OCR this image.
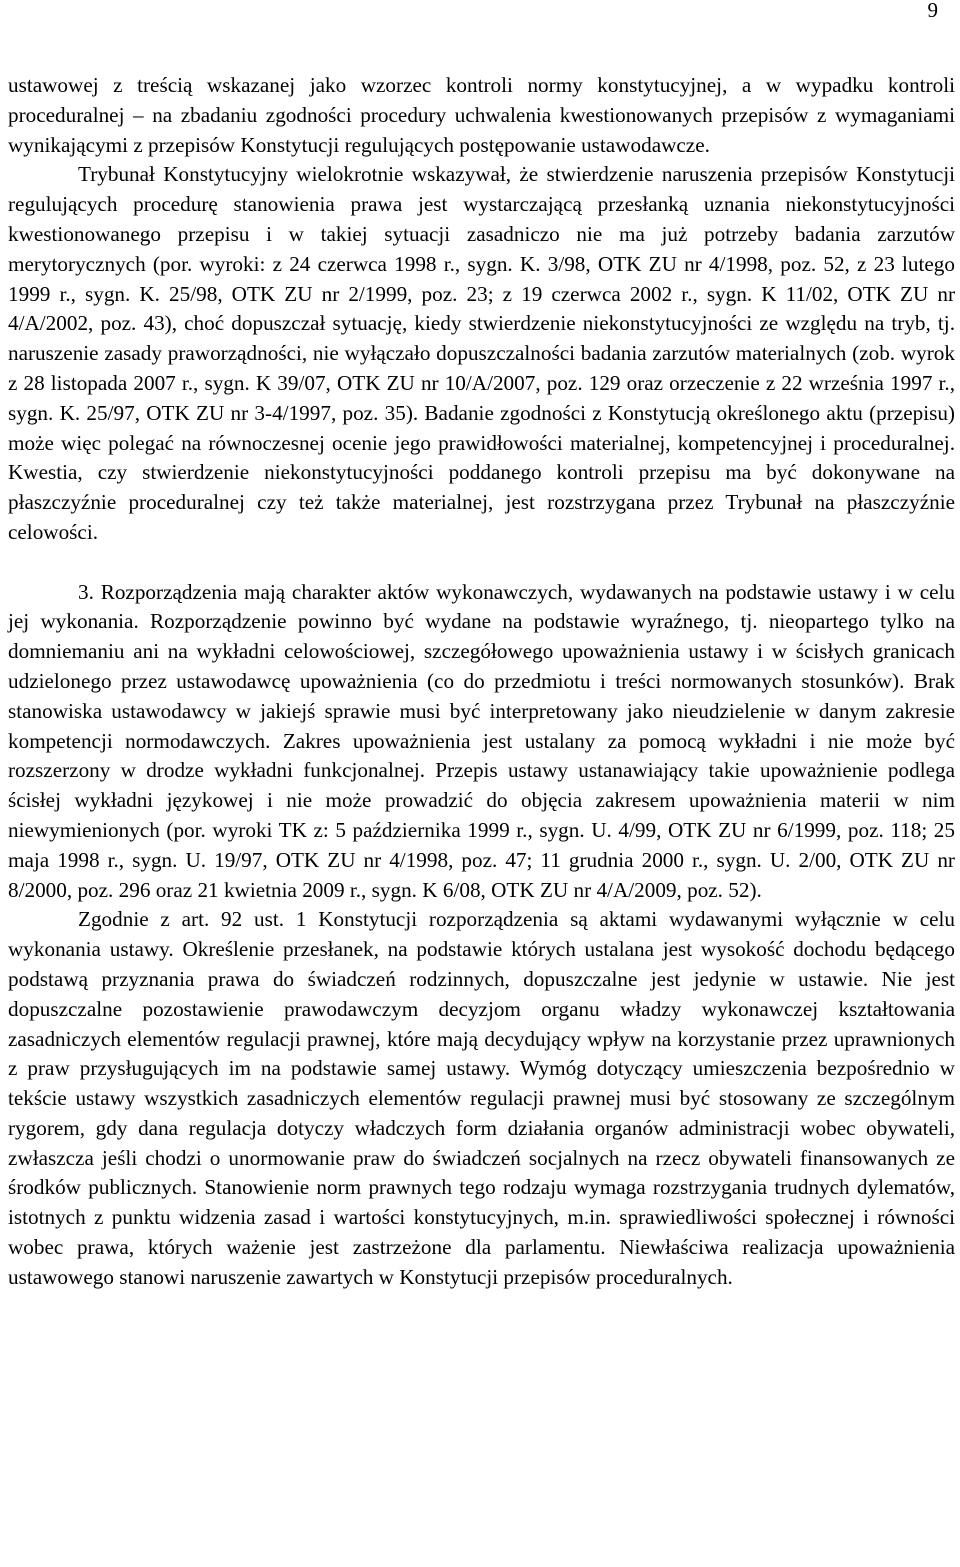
9

ustawowej z treścią wskazanej jako wzorzec kontroli normy konstytucyjnej, a w wypadku kontroli proceduralnej – na zbadaniu zgodności procedury uchwalenia kwestionowanych przepisów z wymaganiami wynikającymi z przepisów Konstytucji regulujących postępowanie ustawodawcze.

Trybunał Konstytucyjny wielokrotnie wskazywał, że stwierdzenie naruszenia przepisów Konstytucji regulujących procedurę stanowienia prawa jest wystarczającą przesłanką uznania niekonstytucyjności kwestionowanego przepisu i w takiej sytuacji zasadniczo nie ma już potrzeby badania zarzutów merytorycznych (por. wyroki: z 24 czerwca 1998 r., sygn. K. 3/98, OTK ZU nr 4/1998, poz. 52, z 23 lutego 1999 r., sygn. K. 25/98, OTK ZU nr 2/1999, poz. 23; z 19 czerwca 2002 r., sygn. K 11/02, OTK ZU nr 4/A/2002, poz. 43), choć dopuszczał sytuację, kiedy stwierdzenie niekonstytucyjności ze względu na tryb, tj. naruszenie zasady praworządności, nie wyłączało dopuszczalności badania zarzutów materialnych (zob. wyrok z 28 listopada 2007 r., sygn. K 39/07, OTK ZU nr 10/A/2007, poz. 129 oraz orzeczenie z 22 września 1997 r., sygn. K. 25/97, OTK ZU nr 3-4/1997, poz. 35). Badanie zgodności z Konstytucją określonego aktu (przepisu) może więc polegać na równoczesnej ocenie jego prawidłowości materialnej, kompetencyjnej i proceduralnej. Kwestia, czy stwierdzenie niekonstytucyjności poddanego kontroli przepisu ma być dokonywane na płaszczyźnie proceduralnej czy też także materialnej, jest rozstrzygana przez Trybunał na płaszczyźnie celowości.

3. Rozporządzenia mają charakter aktów wykonawczych, wydawanych na podstawie ustawy i w celu jej wykonania. Rozporządzenie powinno być wydane na podstawie wyraźnego, tj. nieopartego tylko na domniemaniu ani na wykładni celowościowej, szczegółowego upoważnienia ustawy i w ścisłych granicach udzielonego przez ustawodawcę upoważnienia (co do przedmiotu i treści normowanych stosunków). Brak stanowiska ustawodawcy w jakiejś sprawie musi być interpretowany jako nieudzielenie w danym zakresie kompetencji normodawczych. Zakres upoważnienia jest ustalany za pomocą wykładni i nie może być rozszerzony w drodze wykładni funkcjonalnej. Przepis ustawy ustanawiający takie upoważnienie podlega ścisłej wykładni językowej i nie może prowadzić do objęcia zakresem upoważnienia materii w nim niewymienionych (por. wyroki TK z: 5 października 1999 r., sygn. U. 4/99, OTK ZU nr 6/1999, poz. 118; 25 maja 1998 r., sygn. U. 19/97, OTK ZU nr 4/1998, poz. 47; 11 grudnia 2000 r., sygn. U. 2/00, OTK ZU nr 8/2000, poz. 296 oraz 21 kwietnia 2009 r., sygn. K 6/08, OTK ZU nr 4/A/2009, poz. 52).

Zgodnie z art. 92 ust. 1 Konstytucji rozporządzenia są aktami wydawanymi wyłącznie w celu wykonania ustawy. Określenie przesłanek, na podstawie których ustalana jest wysokość dochodu będącego podstawą przyznania prawa do świadczeń rodzinnych, dopuszczalne jest jedynie w ustawie. Nie jest dopuszczalne pozostawienie prawodawczym decyzjom organu władzy wykonawczej kształtowania zasadniczych elementów regulacji prawnej, które mają decydujący wpływ na korzystanie przez uprawnionych z praw przysługujących im na podstawie samej ustawy. Wymóg dotyczący umieszczenia bezpośrednio w tekście ustawy wszystkich zasadniczych elementów regulacji prawnej musi być stosowany ze szczególnym rygorem, gdy dana regulacja dotyczy władczych form działania organów administracji wobec obywateli, zwłaszcza jeśli chodzi o unormowanie praw do świadczeń socjalnych na rzecz obywateli finansowanych ze środków publicznych. Stanowienie norm prawnych tego rodzaju wymaga rozstrzygania trudnych dylematów, istotnych z punktu widzenia zasad i wartości konstytucyjnych, m.in. sprawiedliwości społecznej i równości wobec prawa, których ważenie jest zastrzeżone dla parlamentu. Niewłaściwa realizacja upoważnienia ustawowego stanowi naruszenie zawartych w Konstytucji przepisów proceduralnych.
